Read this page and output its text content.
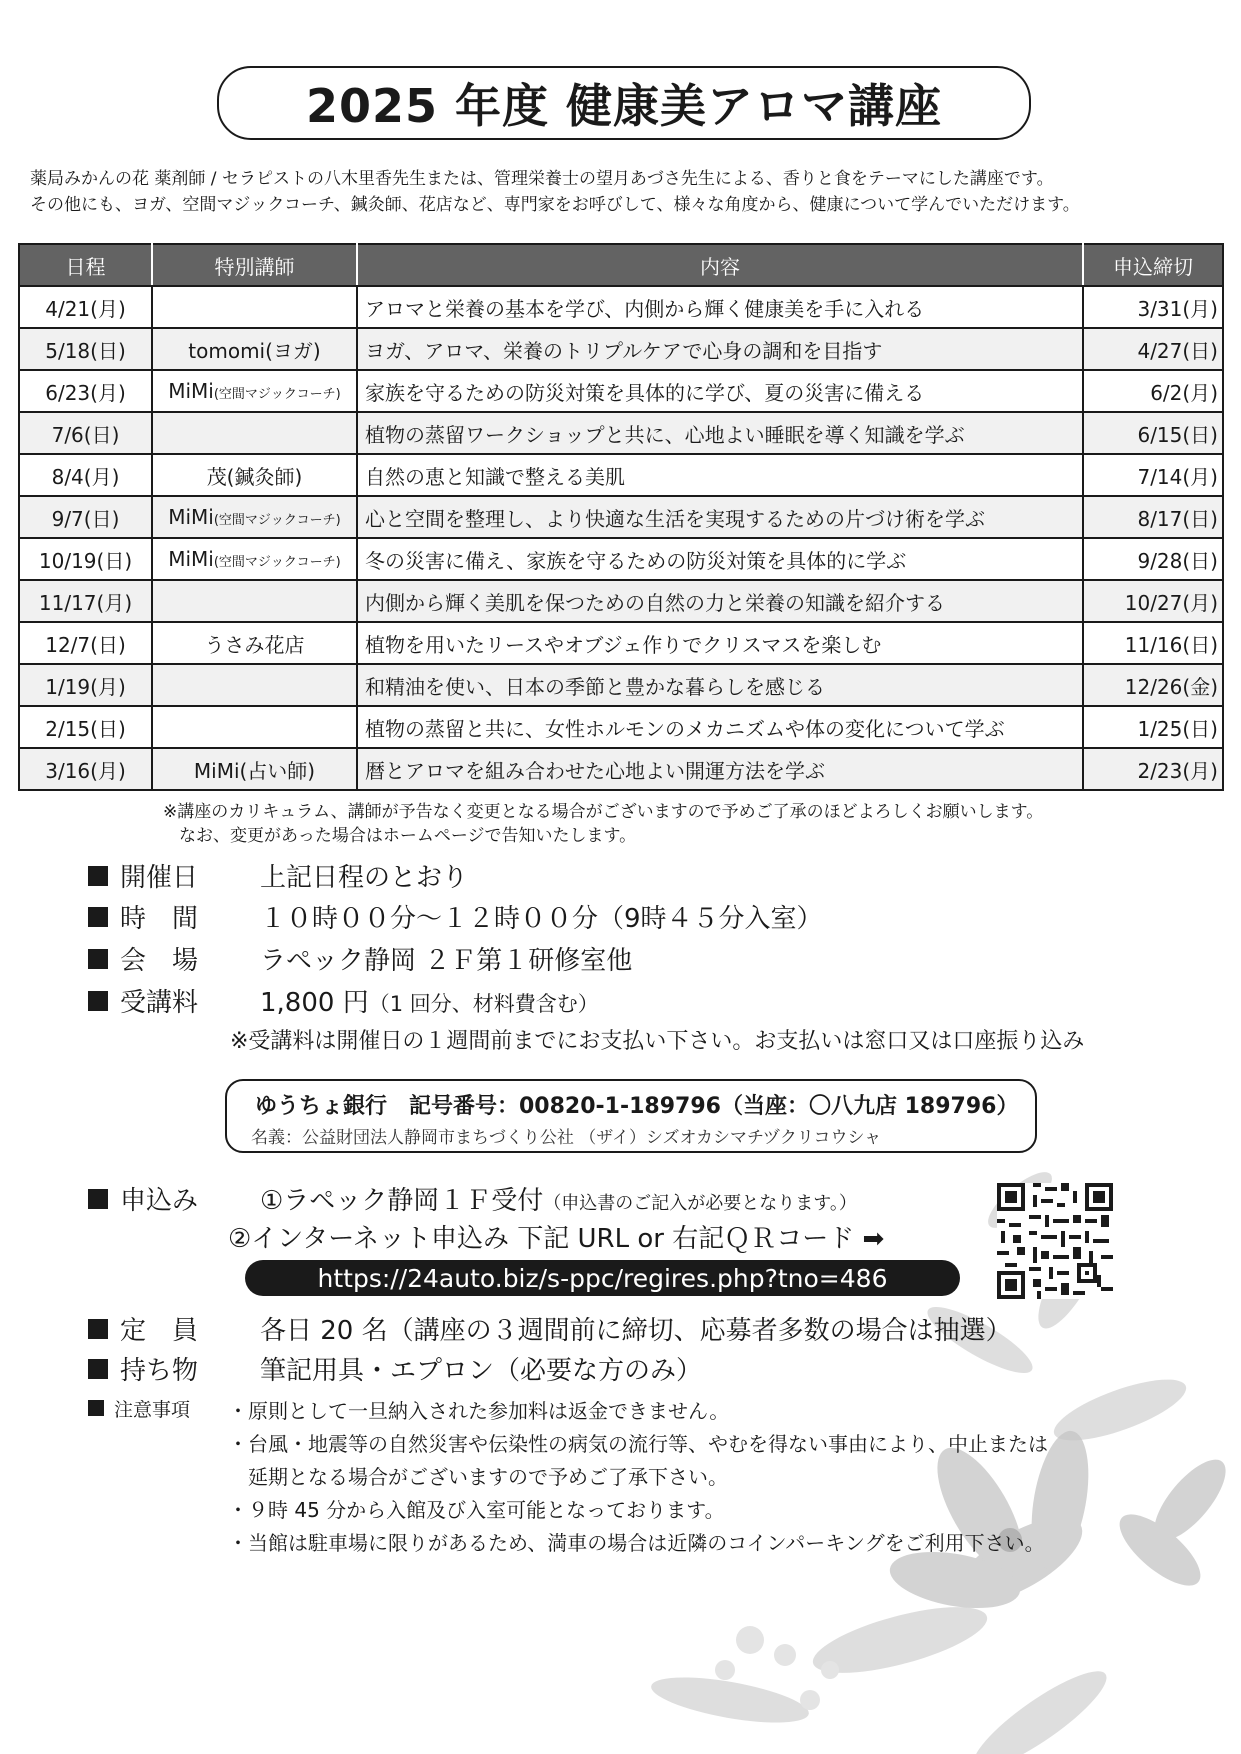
2025 年度 健康美アロマ講座
薬局みかんの花 薬剤師 / セラピストの八木里香先生または、管理栄養士の望月あづさ先生による、香りと食をテーマにした講座です。
その他にも、ヨガ、空間マジックコーチ、鍼灸師、花店など、専門家をお呼びして、様々な角度から、健康について学んでいただけます。
日程	特別講師	内容	申込締切
4/21(月)		アロマと栄養の基本を学び、内側から輝く健康美を手に入れる	3/31(月)
5/18(日)	tomomi(ヨガ)	ヨガ、アロマ、栄養のトリプルケアで心身の調和を目指す	4/27(日)
6/23(月)	MiMi(空間マジックコーチ)	家族を守るための防災対策を具体的に学び、夏の災害に備える	6/2(月)
7/6(日)		植物の蒸留ワークショップと共に、心地よい睡眠を導く知識を学ぶ	6/15(日)
8/4(月)	茂(鍼灸師)	自然の恵と知識で整える美肌	7/14(月)
9/7(日)	MiMi(空間マジックコーチ)	心と空間を整理し、より快適な生活を実現するための片づけ術を学ぶ	8/17(日)
10/19(日)	MiMi(空間マジックコーチ)	冬の災害に備え、家族を守るための防災対策を具体的に学ぶ	9/28(日)
11/17(月)		内側から輝く美肌を保つための自然の力と栄養の知識を紹介する	10/27(月)
12/7(日)	うさみ花店	植物を用いたリースやオブジェ作りでクリスマスを楽しむ	11/16(日)
1/19(月)		和精油を使い、日本の季節と豊かな暮らしを感じる	12/26(金)
2/15(日)		植物の蒸留と共に、女性ホルモンのメカニズムや体の変化について学ぶ	1/25(日)
3/16(月)	MiMi(占い師)	暦とアロマを組み合わせた心地よい開運方法を学ぶ	2/23(月)
※講座のカリキュラム、講師が予告なく変更となる場合がございますので予めご了承のほどよろしくお願いします。
なお、変更があった場合はホームページで告知いたします。
開催日	上記日程のとおり
時　間	１０時００分〜１２時００分（9時４５分入室）
会　場	ラペック静岡 ２Ｆ第１研修室他
受講料	1,800 円 （1 回分、材料費含む）
※受講料は開催日の１週間前までにお支払い下さい。お支払いは窓口又は口座振り込み
ゆうちょ銀行　記号番号：00820-1-189796（当座：〇八九店 189796）
名義：公益財団法人静岡市まちづくり公社 （ザイ）シズオカシマチヅクリコウシャ
申込み	①ラペック静岡１Ｆ受付 （申込書のご記入が必要となります。）
②インターネット申込み 下記 URL or 右記ＱＲコード ➡
https://24auto.biz/s-ppc/regires.php?tno=486
定　員	各日 20 名（講座の３週間前に締切、応募者多数の場合は抽選）
持ち物	筆記用具・エプロン（必要な方のみ）
注意事項	・原則として一旦納入された参加料は返金できません。
・台風・地震等の自然災害や伝染性の病気の流行等、やむを得ない事由により、中止または
　延期となる場合がございますので予めご了承下さい。
・９時 45 分から入館及び入室可能となっております。
・当館は駐車場に限りがあるため、満車の場合は近隣のコインパーキングをご利用下さい。
